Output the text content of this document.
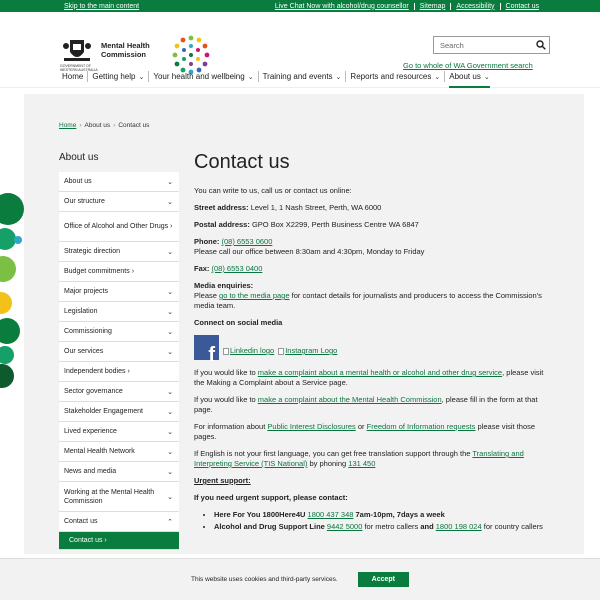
Skip to the main content	Live Chat Now with alcohol/drug counsellor	Sitemap	Accessibility	Contact us
GOVERNMENT OF WESTERN AUSTRALIA
Mental Health
Commission
Search
Go to whole of WA Government search
Home Getting help ⌄ Your health and wellbeing ⌄ Training and events ⌄ Reports and resources ⌄ About us ⌄
Home › About us › Contact us
About us
About us	⌄
Our structure	⌄
Office of Alcohol and Other Drugs ›
Strategic direction	⌄
Budget commitments ›
Major projects	⌄
Legislation	⌄
Commissioning	⌄
Our services	⌄
Independent bodies ›
Sector governance	⌄
Stakeholder Engagement	⌄
Lived experience	⌄
Mental Health Network	⌄
News and media	⌄
Working at the Mental Health Commission
⌄
Contact us	⌃
Contact us ›
Contact us

You can write to us, call us or contact us online:

Street address: Level 1, 1 Nash Street, Perth, WA 6000

Postal address: GPO Box X2299, Perth Business Centre WA 6847

Phone: (08) 6553 0600
Please call our office between 8:30am and 4:30pm, Monday to Friday

Fax: (08) 6553 0400

Media enquiries:
Please go to the media page for contact details for journalists and producers to access the Commission's media team.

Connect on social media

f	Linkedin logo Instagram Logo

If you would like to make a complaint about a mental health or alcohol and other drug service, please visit the Making a Complaint about a Service page.

If you would like to make a complaint about the Mental Health Commission, please fill in the form at that page.

For information about Public Interest Disclosures or Freedom of Information requests please visit those pages.

If English is not your first language, you can get free translation support through the Translating and Interpreting Service (TIS National) by phoning 131 450

Urgent support:

If you need urgent support, please contact:

• Here For You 1800Here4U 1800 437 348 7am-10pm, 7days a week
• Alcohol and Drug Support Line 9442 5000 for metro callers and 1800 198 024 for country callers
This website uses cookies and third-party services.	Accept
